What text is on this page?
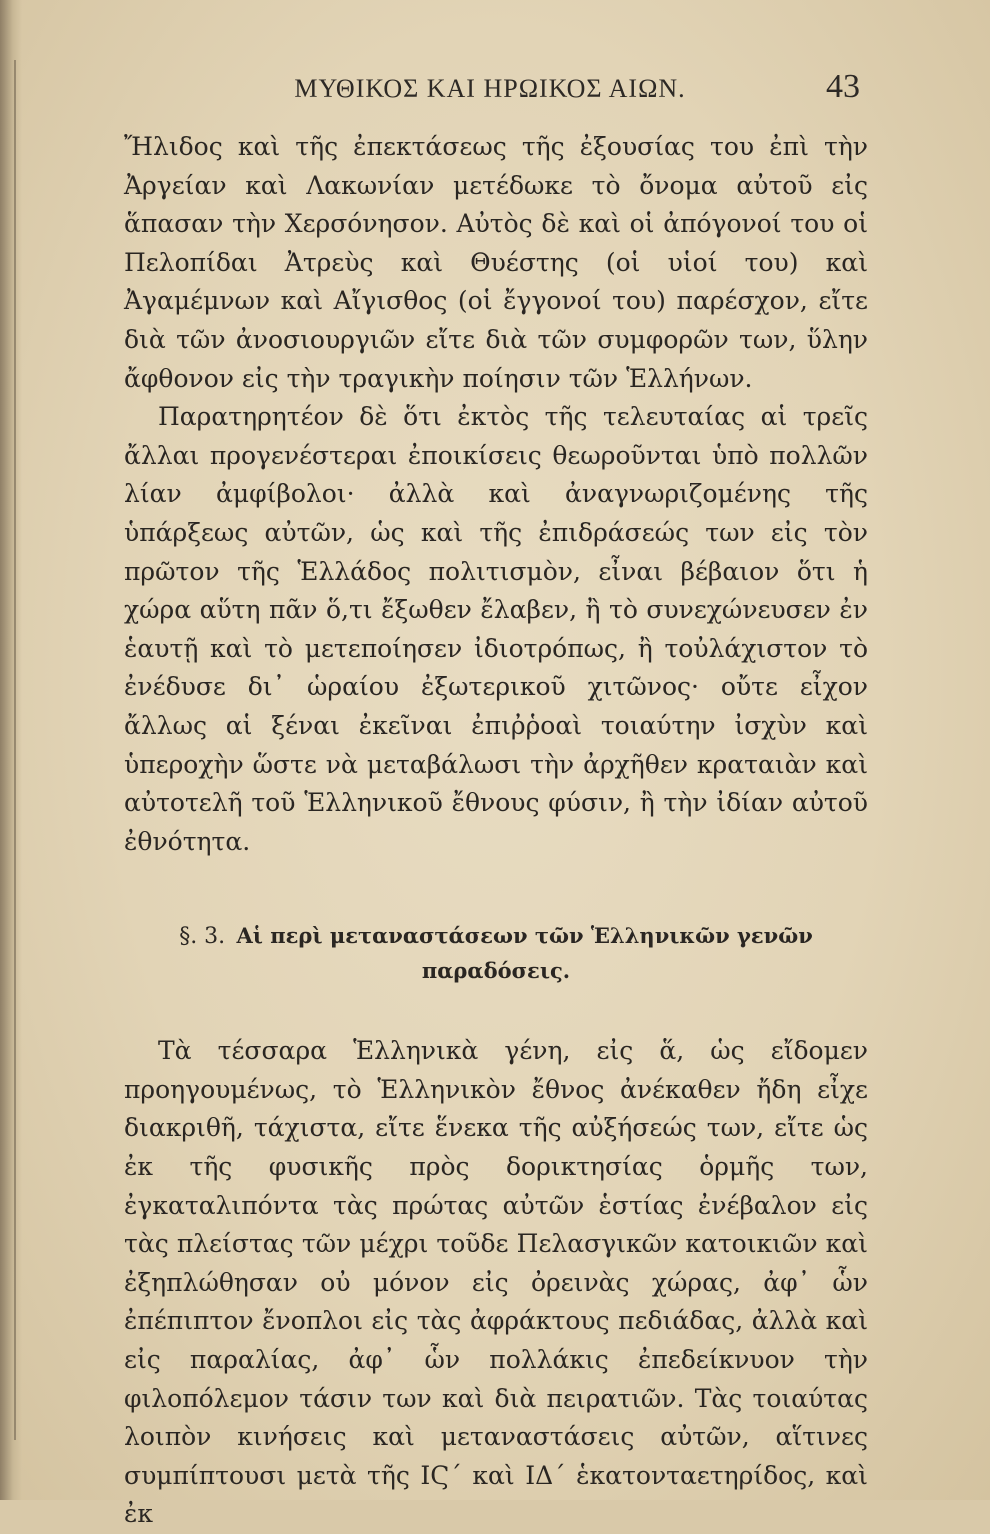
ΜΥΘΙΚΟΣ ΚΑΙ ΗΡΩΙΚΟΣ ΑΙΩΝ.	43

Ἤλιδος καὶ τῆς ἐπεκτάσεως τῆς ἐξουσίας του ἐπὶ τὴν Ἀργείαν καὶ Λακωνίαν μετέδωκε τὸ ὄνομα αὐτοῦ εἰς ἅπασαν τὴν Χερσόνησον. Αὐτὸς δὲ καὶ οἱ ἀπόγονοί του οἱ Πελοπίδαι Ἀτρεὺς καὶ Θυέστης (οἱ υἱοί του) καὶ Ἀγαμέμνων καὶ Αἴγισθος (οἱ ἔγγονοί του) παρέσχον, εἴτε διὰ τῶν ἀνοσιουργιῶν εἴτε διὰ τῶν συμφορῶν των, ὕλην ἄφθονον εἰς τὴν τραγικὴν ποίησιν τῶν Ἑλλήνων.

Παρατηρητέον δὲ ὅτι ἐκτὸς τῆς τελευταίας αἱ τρεῖς ἄλλαι προγενέστεραι ἐποικίσεις θεωροῦνται ὑπὸ πολλῶν λίαν ἀμφίβολοι· ἀλλὰ καὶ ἀναγνωριζομένης τῆς ὑπάρξεως αὐτῶν, ὡς καὶ τῆς ἐπιδράσεώς των εἰς τὸν πρῶτον τῆς Ἑλλάδος πολιτισμὸν, εἶναι βέβαιον ὅτι ἡ χώρα αὕτη πᾶν ὅ,τι ἔξωθεν ἔλαβεν, ἢ τὸ συνεχώνευσεν ἐν ἑαυτῇ καὶ τὸ μετεποίησεν ἰδιοτρόπως, ἢ τοὐλάχιστον τὸ ἐνέδυσε δι᾽ ὡραίου ἐξωτερικοῦ χιτῶνος· οὔτε εἶχον ἄλλως αἱ ξέναι ἐκεῖναι ἐπιῤῥοαὶ τοιαύτην ἰσχὺν καὶ ὑπεροχὴν ὥστε νὰ μεταβάλωσι τὴν ἀρχῆθεν κραταιὰν καὶ αὐτοτελῆ τοῦ Ἑλληνικοῦ ἔθνους φύσιν, ἢ τὴν ἰδίαν αὐτοῦ ἐθνότητα.

§. 3. Αἱ περὶ μεταναστάσεων τῶν Ἑλληνικῶν γενῶν παραδόσεις.

Τὰ τέσσαρα Ἑλληνικὰ γένη, εἰς ἅ, ὡς εἴδομεν προηγουμένως, τὸ Ἑλληνικὸν ἔθνος ἀνέκαθεν ἤδη εἶχε διακριθῆ, τάχιστα, εἴτε ἕνεκα τῆς αὐξήσεώς των, εἴτε ὡς ἐκ τῆς φυσικῆς πρὸς δορικτησίας ὁρμῆς των, ἐγκαταλιπόντα τὰς πρώτας αὐτῶν ἑστίας ἐνέβαλον εἰς τὰς πλείστας τῶν μέχρι τοῦδε Πελασγικῶν κατοικιῶν καὶ ἐξηπλώθησαν οὐ μόνον εἰς ὀρεινὰς χώρας, ἀφ᾽ ὧν ἐπέπιπτον ἔνοπλοι εἰς τὰς ἀφράκτους πεδιάδας, ἀλλὰ καὶ εἰς παραλίας, ἀφ᾽ ὧν πολλάκις ἐπεδείκνυον τὴν φιλοπόλεμον τάσιν των καὶ διὰ πειρατιῶν. Τὰς τοιαύτας λοιπὸν κινήσεις καὶ μεταναστάσεις αὐτῶν, αἵτινες συμπίπτουσι μετὰ τῆς ΙϚ´ καὶ ΙΔ´ ἑκατονταετηρίδος, καὶ ἐκ
